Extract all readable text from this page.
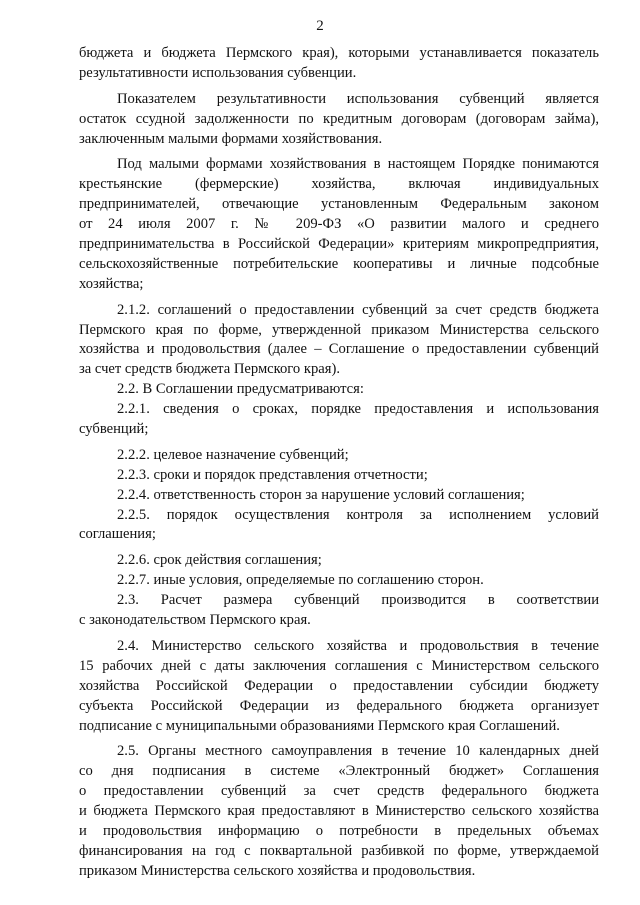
2
бюджета и бюджета Пермского края), которыми устанавливается показатель
результативности использования субвенции.
Показателем результативности использования субвенций является
остаток ссудной задолженности по кредитным договорам (договорам займа),
заключенным малыми формами хозяйствования.
Под малыми формами хозяйствования в настоящем Порядке понимаются
крестьянские (фермерские) хозяйства, включая индивидуальных
предпринимателей, отвечающие установленным Федеральным законом
от 24 июля 2007 г. № 209-ФЗ «О развитии малого и среднего
предпринимательства в Российской Федерации» критериям микропредприятия,
сельскохозяйственные потребительские кооперативы и личные подсобные
хозяйства;
2.1.2. соглашений о предоставлении субвенций за счет средств бюджета
Пермского края по форме, утвержденной приказом Министерства сельского
хозяйства и продовольствия (далее – Соглашение о предоставлении субвенций
за счет средств бюджета Пермского края).
2.2. В Соглашении предусматриваются:
2.2.1. сведения о сроках, порядке предоставления и использования
субвенций;
2.2.2. целевое назначение субвенций;
2.2.3. сроки и порядок представления отчетности;
2.2.4. ответственность сторон за нарушение условий соглашения;
2.2.5. порядок осуществления контроля за исполнением условий
соглашения;
2.2.6. срок действия соглашения;
2.2.7. иные условия, определяемые по соглашению сторон.
2.3. Расчет размера субвенций производится в соответствии
с законодательством Пермского края.
2.4. Министерство сельского хозяйства и продовольствия в течение
15 рабочих дней с даты заключения соглашения с Министерством сельского
хозяйства Российской Федерации о предоставлении субсидии бюджету
субъекта Российской Федерации из федерального бюджета организует
подписание с муниципальными образованиями Пермского края Соглашений.
2.5. Органы местного самоуправления в течение 10 календарных дней
со дня подписания в системе «Электронный бюджет» Соглашения
о предоставлении субвенций за счет средств федерального бюджета
и бюджета Пермского края предоставляют в Министерство сельского хозяйства
и продовольствия информацию о потребности в предельных объемах
финансирования на год с поквартальной разбивкой по форме, утверждаемой
приказом Министерства сельского хозяйства и продовольствия.
